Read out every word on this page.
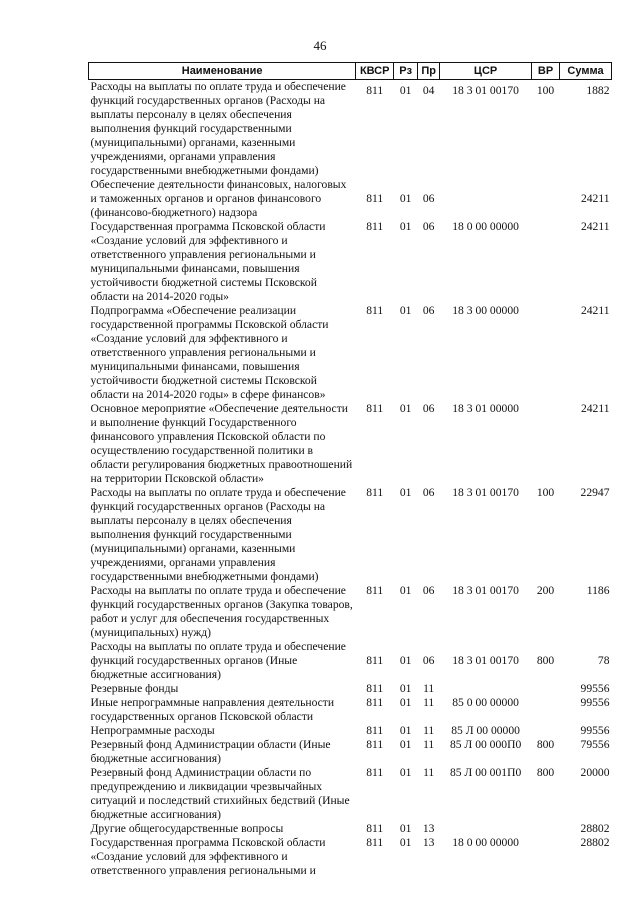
46
Наименование	КВСР	Рз	Пр	ЦСР	ВР	Сумма
Расходы на выплаты по оплате труда и обеспечение функций государственных органов (Расходы на выплаты персоналу в целях обеспечения выполнения функций государственными (муниципальными) органами, казенными учреждениями, органами управления государственными внебюджетными фондами)	811	01	04	18 3 01 00170	100	1882
Обеспечение деятельности финансовых, налоговых и таможенных органов и органов финансового (финансово-бюджетного) надзора	811	01	06			24211
Государственная программа Псковской области «Создание условий для эффективного и ответственного управления региональными и муниципальными финансами, повышения устойчивости бюджетной системы Псковской области на 2014-2020 годы»	811	01	06	18 0 00 00000		24211
Подпрограмма «Обеспечение реализации государственной программы Псковской области «Создание условий для эффективного и ответственного управления региональными и муниципальными финансами, повышения устойчивости бюджетной системы Псковской области на 2014-2020 годы» в сфере финансов»	811	01	06	18 3 00 00000		24211
Основное мероприятие «Обеспечение деятельности и выполнение функций Государственного финансового управления Псковской области по осуществлению государственной политики в области регулирования бюджетных правоотношений на территории Псковской области»	811	01	06	18 3 01 00000		24211
Расходы на выплаты по оплате труда и обеспечение функций государственных органов (Расходы на выплаты персоналу в целях обеспечения выполнения функций государственными (муниципальными) органами, казенными учреждениями, органами управления государственными внебюджетными фондами)	811	01	06	18 3 01 00170	100	22947
Расходы на выплаты по оплате труда и обеспечение функций государственных органов (Закупка товаров, работ и услуг для обеспечения государственных (муниципальных) нужд)	811	01	06	18 3 01 00170	200	1186
Расходы на выплаты по оплате труда и обеспечение функций государственных органов (Иные бюджетные ассигнования)	811	01	06	18 3 01 00170	800	78
Резервные фонды	811	01	11			99556
Иные непрограммные направления деятельности государственных органов Псковской области	811	01	11	85 0 00 00000		99556
Непрограммные расходы	811	01	11	85 Л 00 00000		99556
Резервный фонд Администрации области (Иные бюджетные ассигнования)	811	01	11	85 Л 00 000П0	800	79556
Резервный фонд Администрации области по предупреждению и ликвидации чрезвычайных ситуаций и последствий стихийных бедствий (Иные бюджетные ассигнования)	811	01	11	85 Л 00 001П0	800	20000
Другие общегосударственные вопросы	811	01	13			28802
Государственная программа Псковской области «Создание условий для эффективного и ответственного управления региональными и	811	01	13	18 0 00 00000		28802
